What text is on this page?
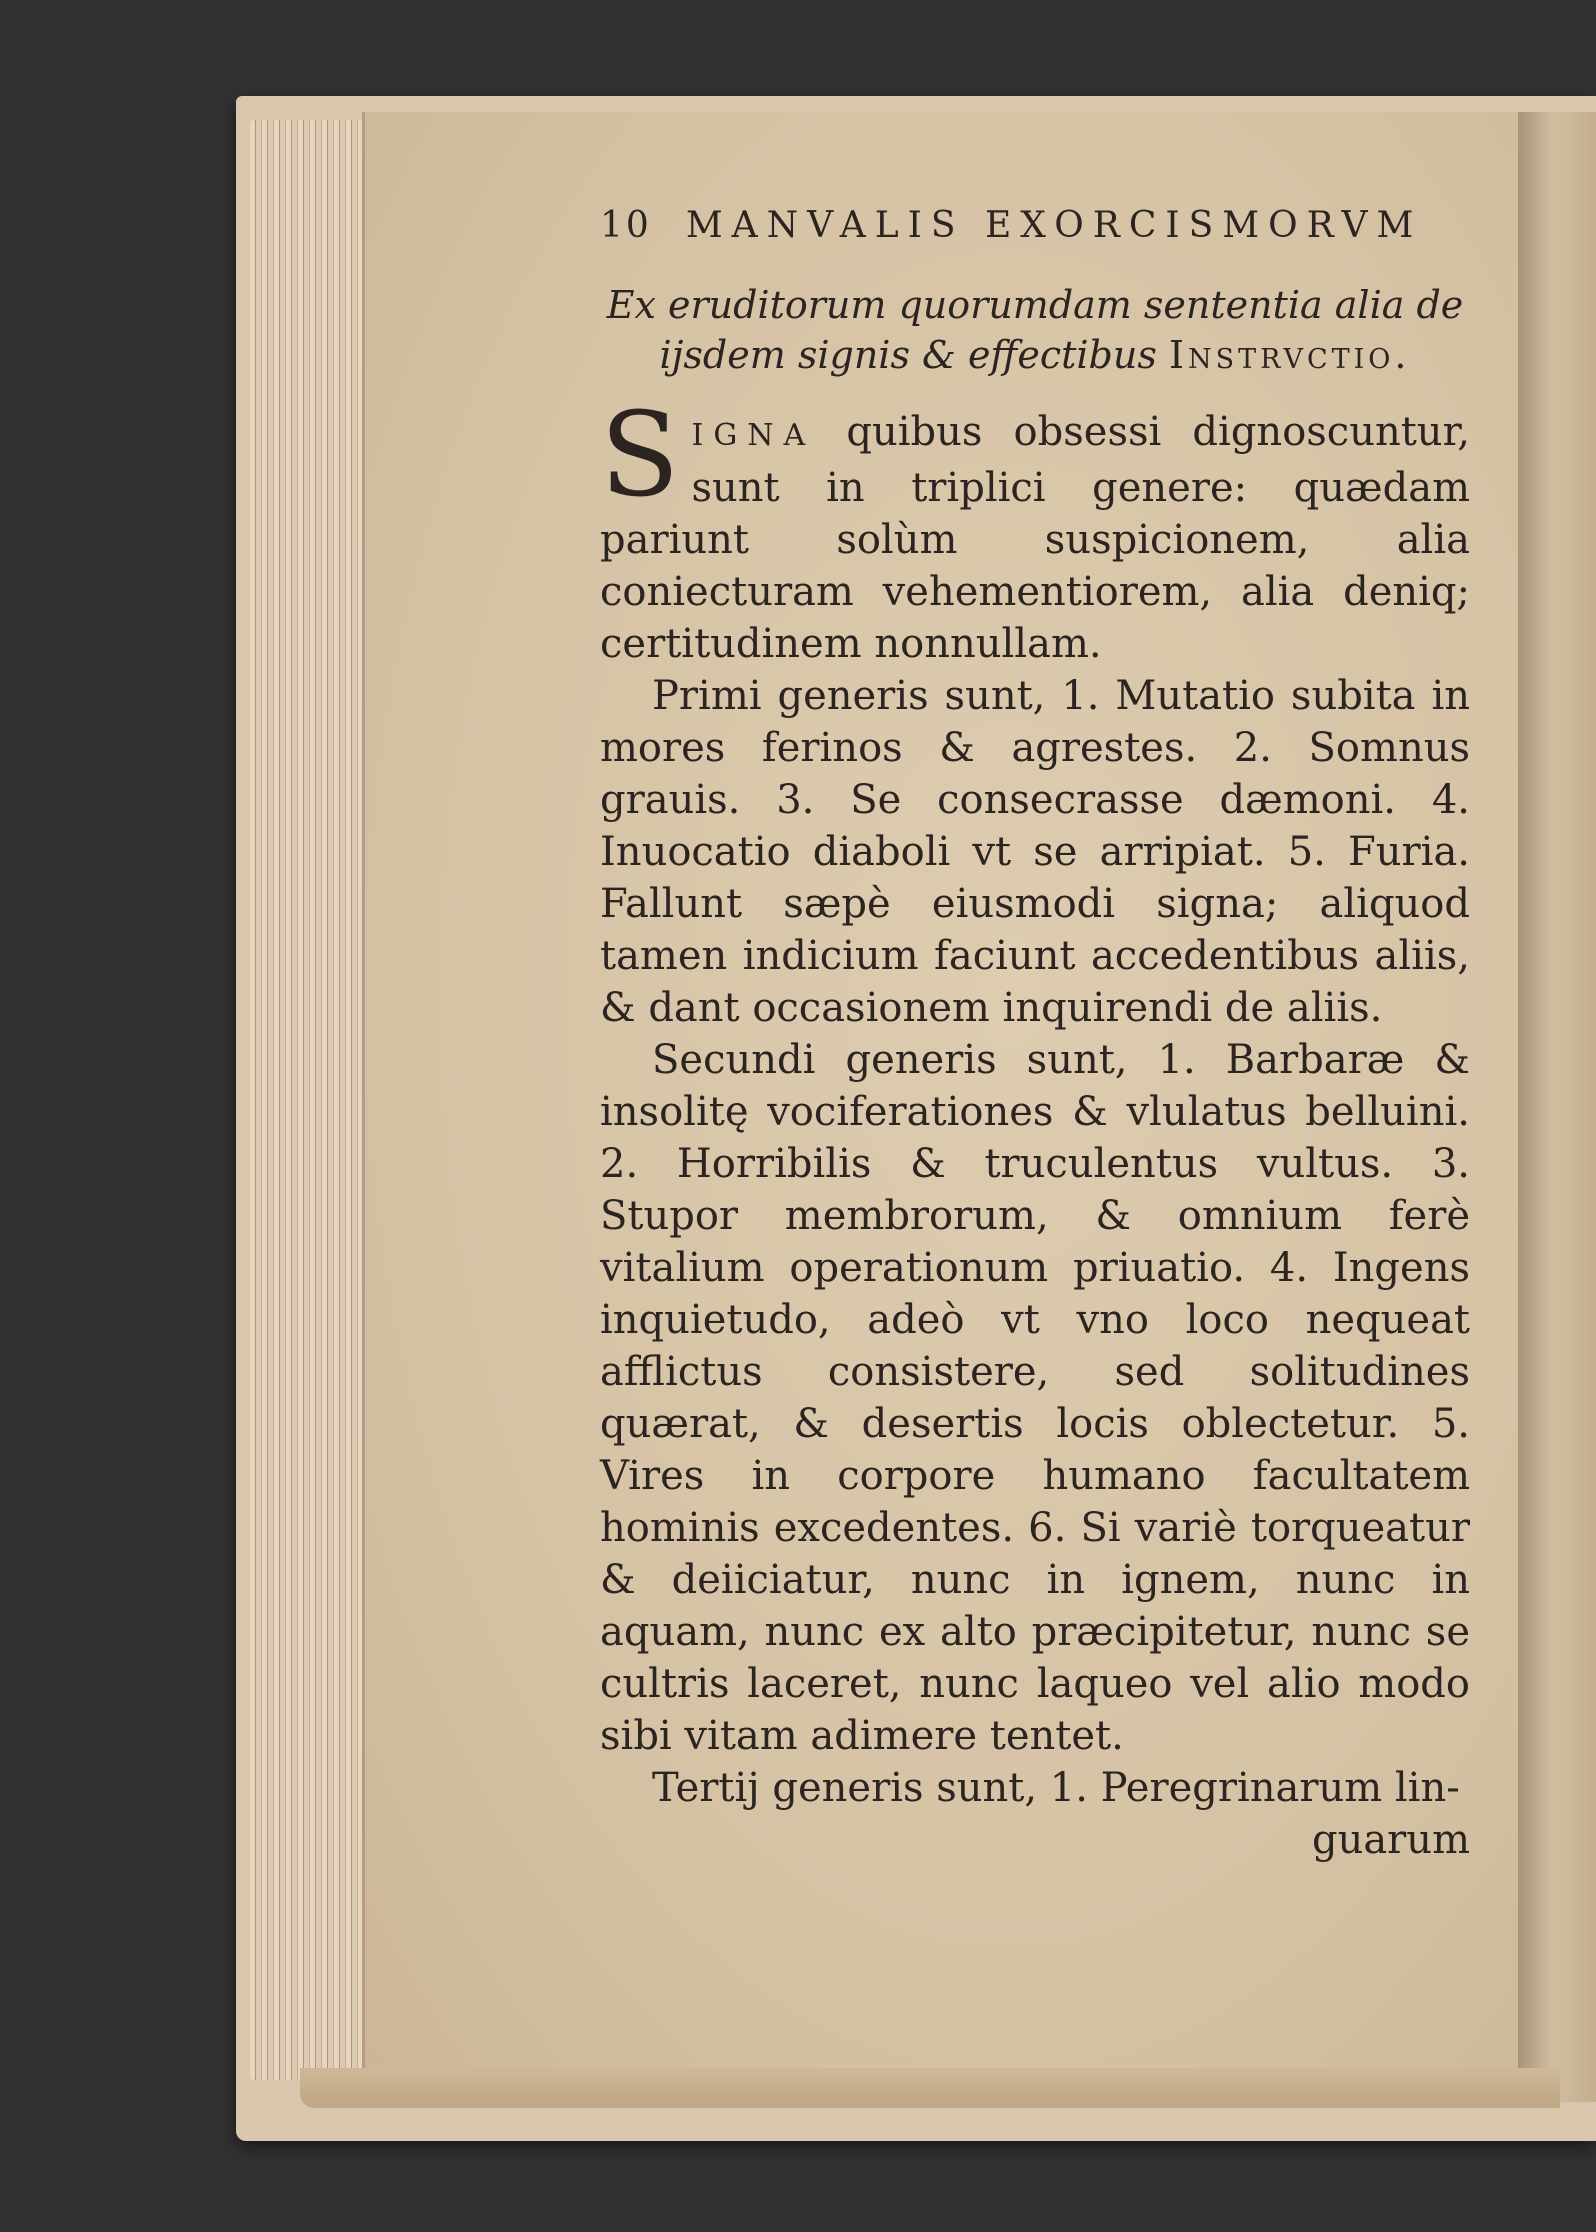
10 MANVALIS EXORCISMORVM
Ex eruditorum quorumdam sententia alia de
ijsdem signis & effectibus Instrvctio.

SIGNA quibus obsessi dignoscuntur, sunt in triplici genere: quædam pariunt solùm suspicionem, alia coniecturam vehementiorem, alia deniq; certitudinem nonnullam.

Primi generis sunt, 1. Mutatio subita in mores ferinos & agrestes. 2. Somnus grauis. 3. Se consecrasse dæmoni. 4. Inuocatio diaboli vt se arripiat. 5. Furia. Fallunt sæpè eiusmodi signa; aliquod tamen indicium faciunt accedentibus aliis, & dant occasionem inquirendi de aliis.

Secundi generis sunt, 1. Barbaræ & insolitę vociferationes & vlulatus belluini. 2. Horribilis & truculentus vultus. 3. Stupor membrorum, & omnium ferè vitalium operationum priuatio. 4. Ingens inquietudo, adeò vt vno loco nequeat afflictus consistere, sed solitudines quærat, & desertis locis oblectetur. 5. Vires in corpore humano facultatem hominis excedentes. 6. Si variè torqueatur & deiiciatur, nunc in ignem, nunc in aquam, nunc ex alto præcipitetur, nunc se cultris laceret, nunc laqueo vel alio modo sibi vitam adimere tentet.

Tertij generis sunt, 1. Peregrinarum lin-

guarum
